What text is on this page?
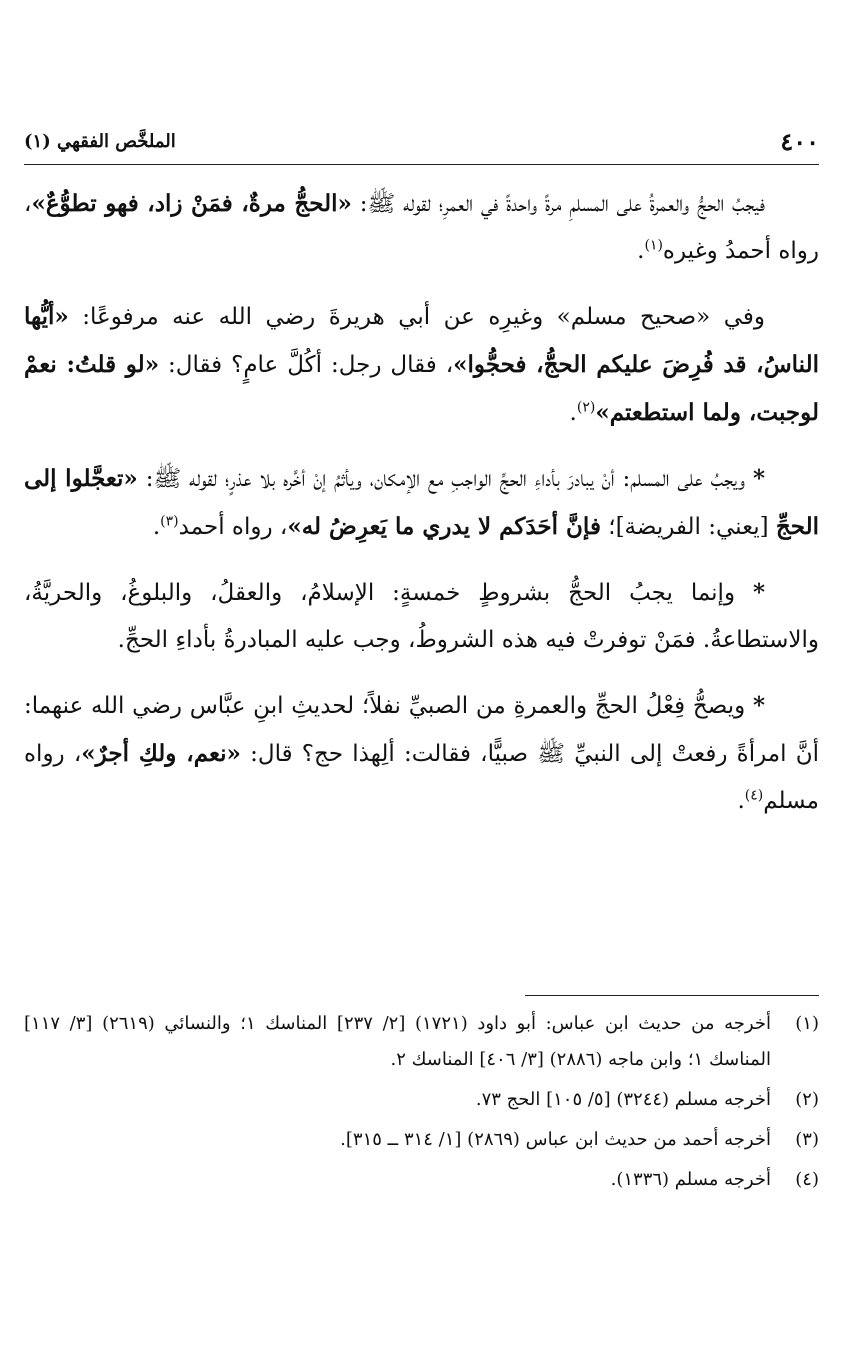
٤٠٠
الملخَّص الفقهي (١)

فيجبُ الحجُّ والعمرةُ على المسلمِ مرةً واحدةً في العمرِ؛ لقوله ﷺ: «الحجُّ مرةٌ، فمَنْ زاد، فهو تطوُّعٌ»، رواه أحمدُ وغيره$^{(١)}$.

وفي «صحيح مسلم» وغيرِه عن أبي هريرةَ رضي الله عنه مرفوعًا: «أيُّها الناسُ، قد فُرِضَ عليكم الحجُّ، فحجُّوا»، فقال رجل: أكُلَّ عامٍ؟ فقال: «لو قلتُ: نعمْ لوجبت، ولما استطعتم»$^{(٢)}$.

* ويجبُ على المسلم: أنْ يبادرَ بأداءِ الحجِّ الواجبِ مع الإمكان، ويأثمُ إنْ أخَّره بلا عذرٍ؛ لقوله ﷺ: «تعجَّلوا إلى الحجِّ [يعني: الفريضة]؛ فإنَّ أحَدَكم لا يدري ما يَعرِضُ له»، رواه أحمد$^{(٣)}$.

* وإنما يجبُ الحجُّ بشروطٍ خمسةٍ: الإسلامُ، والعقلُ، والبلوغُ، والحريَّةُ، والاستطاعةُ. فمَنْ توفرتْ فيه هذه الشروطُ، وجب عليه المبادرةُ بأداءِ الحجِّ.

* ويصحُّ فِعْلُ الحجِّ والعمرةِ من الصبيِّ نفلاً؛ لحديثِ ابنِ عبَّاس رضي الله عنهما: أنَّ امرأةً رفعتْ إلى النبيِّ ﷺ صبيًّا، فقالت: ألِهذا حج؟ قال: «نعم، ولكِ أجرٌ»، رواه مسلم$^{(٤)}$.

(١)
أخرجه من حديث ابن عباس: أبو داود (١٧٢١) [٢/ ٢٣٧] المناسك ١؛ والنسائي (٢٦١٩) [٣/ ١١٧] المناسك ١؛ وابن ماجه (٢٨٨٦) [٣/ ٤٠٦] المناسك ٢.
(٢)
أخرجه مسلم (٣٢٤٤) [٥/ ١٠٥] الحج ٧٣.
(٣)
أخرجه أحمد من حديث ابن عباس (٢٨٦٩) [١/ ٣١٤ ــ ٣١٥].
(٤)
أخرجه مسلم (١٣٣٦).
